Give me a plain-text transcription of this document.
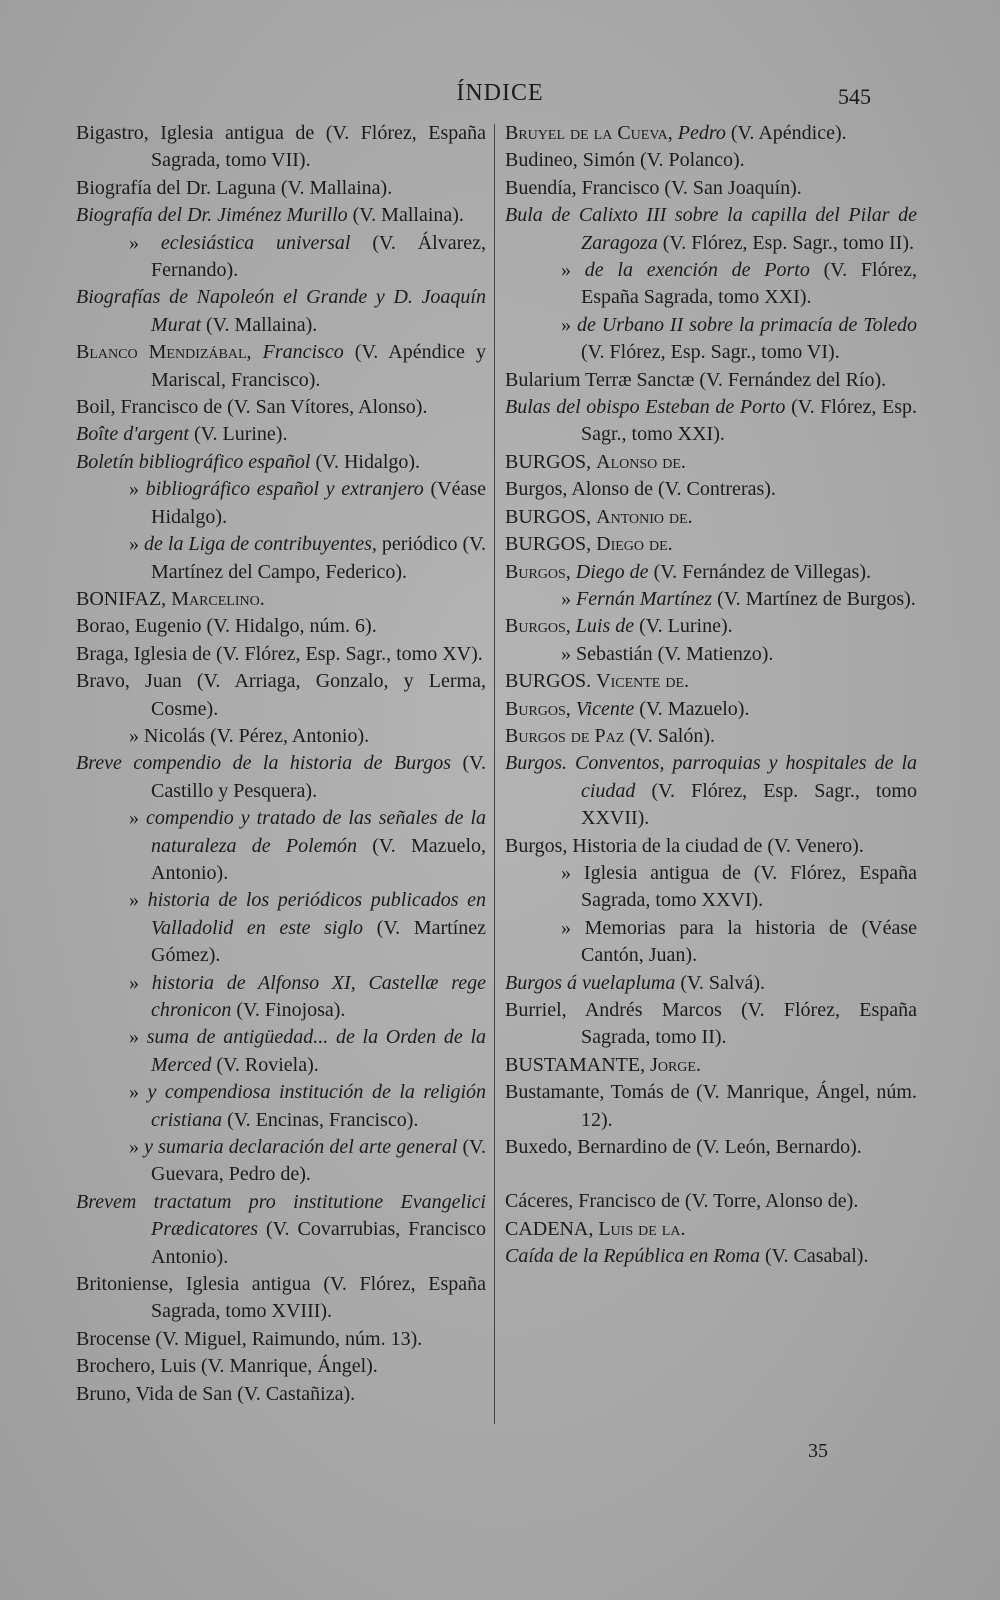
ÍNDICE	545

Bigastro, Iglesia antigua de (V. Flórez, España Sagrada, tomo VII).

Biografía del Dr. Laguna (V. Mallaina).

Biografía del Dr. Jiménez Murillo (V. Mallaina).

» eclesiástica universal (V. Álvarez, Fernando).

Biografías de Napoleón el Grande y D. Joaquín Murat (V. Mallaina).

Blanco Mendizábal, Francisco (V. Apéndice y Mariscal, Francisco).

Boil, Francisco de (V. San Vítores, Alonso).

Boîte d'argent (V. Lurine).

Boletín bibliográfico español (V. Hidalgo).

» bibliográfico español y extranjero (Véase Hidalgo).

» de la Liga de contribuyentes, periódico (V. Martínez del Campo, Federico).

BONIFAZ, Marcelino.

Borao, Eugenio (V. Hidalgo, núm. 6).

Braga, Iglesia de (V. Flórez, Esp. Sagr., tomo XV).

Bravo, Juan (V. Arriaga, Gonzalo, y Lerma, Cosme).

» Nicolás (V. Pérez, Antonio).

Breve compendio de la historia de Burgos (V. Castillo y Pesquera).

» compendio y tratado de las señales de la naturaleza de Polemón (V. Mazuelo, Antonio).

» historia de los periódicos publicados en Valladolid en este siglo (V. Martínez Gómez).

» historia de Alfonso XI, Castellæ rege chronicon (V. Finojosa).

» suma de antigüedad... de la Orden de la Merced (V. Roviela).

» y compendiosa institución de la religión cristiana (V. Encinas, Francisco).

» y sumaria declaración del arte general (V. Guevara, Pedro de).

Brevem tractatum pro institutione Evangelici Prædicatores (V. Covarrubias, Francisco Antonio).

Britoniense, Iglesia antigua (V. Flórez, España Sagrada, tomo XVIII).

Brocense (V. Miguel, Raimundo, núm. 13).

Brochero, Luis (V. Manrique, Ángel).

Bruno, Vida de San (V. Castañiza).

Bruyel de la Cueva, Pedro (V. Apéndice).

Budineo, Simón (V. Polanco).

Buendía, Francisco (V. San Joaquín).

Bula de Calixto III sobre la capilla del Pilar de Zaragoza (V. Flórez, Esp. Sagr., tomo II).

» de la exención de Porto (V. Flórez, España Sagrada, tomo XXI).

» de Urbano II sobre la primacía de Toledo (V. Flórez, Esp. Sagr., tomo VI).

Bularium Terræ Sanctæ (V. Fernández del Río).

Bulas del obispo Esteban de Porto (V. Flórez, Esp. Sagr., tomo XXI).

BURGOS, Alonso de.

Burgos, Alonso de (V. Contreras).

BURGOS, Antonio de.

BURGOS, Diego de.

Burgos, Diego de (V. Fernández de Villegas).

» Fernán Martínez (V. Martínez de Burgos).

Burgos, Luis de (V. Lurine).

» Sebastián (V. Matienzo).

BURGOS. Vicente de.

Burgos, Vicente (V. Mazuelo).

Burgos de Paz (V. Salón).

Burgos. Conventos, parroquias y hospitales de la ciudad (V. Flórez, Esp. Sagr., tomo XXVII).

Burgos, Historia de la ciudad de (V. Venero).

» Iglesia antigua de (V. Flórez, España Sagrada, tomo XXVI).

» Memorias para la historia de (Véase Cantón, Juan).

Burgos á vuelapluma (V. Salvá).

Burriel, Andrés Marcos (V. Flórez, España Sagrada, tomo II).

BUSTAMANTE, Jorge.

Bustamante, Tomás de (V. Manrique, Ángel, núm. 12).

Buxedo, Bernardino de (V. León, Bernardo).

Cáceres, Francisco de (V. Torre, Alonso de).

CADENA, Luis de la.

Caída de la República en Roma (V. Casabal).

35
